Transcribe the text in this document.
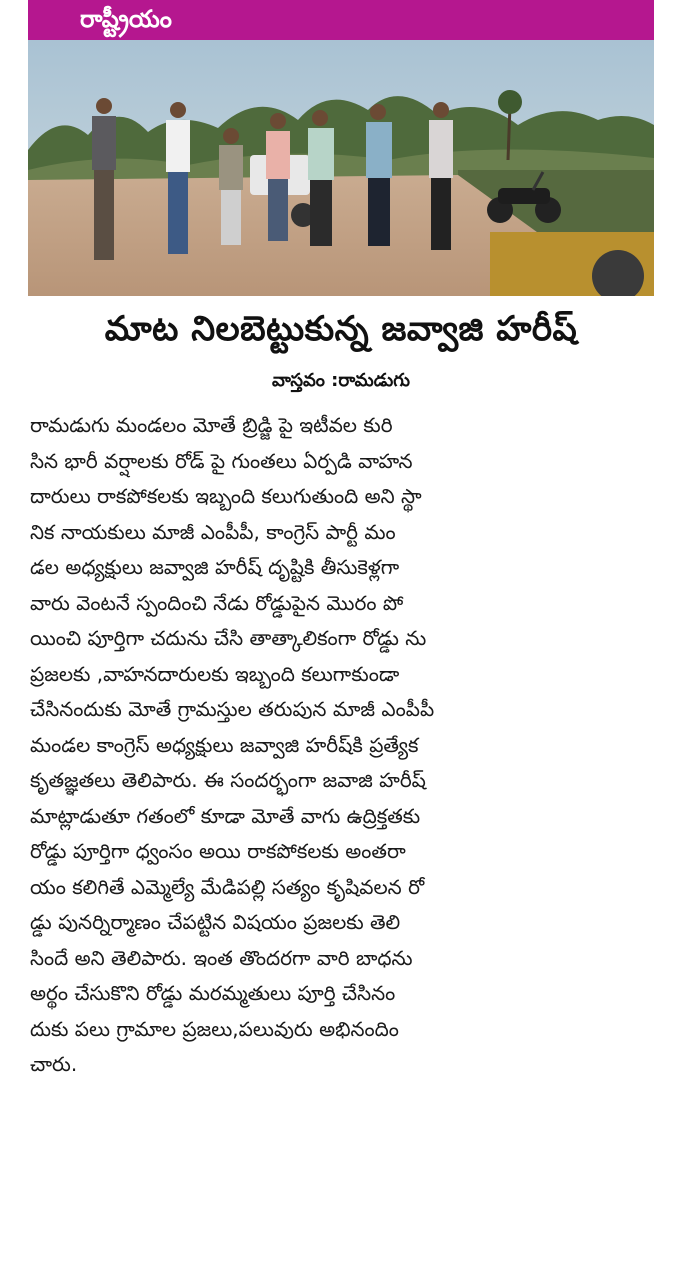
రాష్ట్రీయం
మాట నిలబెట్టుకున్న జవ్వాజి హరీష్
వాస్తవం :రామడుగు
రామడుగు మండలం మోతే బ్రిడ్జి పై ఇటీవల కురి
సిన భారీ వర్షాలకు రోడ్ పై గుంతలు ఏర్పడి వాహన
దారులు రాకపోకలకు ఇబ్బంది కలుగుతుంది అని స్థా
నిక నాయకులు మాజీ ఎంపీపీ, కాంగ్రెస్ పార్టీ మం
డల అధ్యక్షులు జవ్వాజి హరీష్ దృష్టికి తీసుకెళ్లగా
వారు వెంటనే స్పందించి నేడు రోడ్డుపైన మొరం పో
యించి పూర్తిగా చదును చేసి తాత్కాలికంగా రోడ్డు ను
ప్రజలకు ,వాహనదారులకు ఇబ్బంది కలుగాకుండా
చేసినందుకు మోతే గ్రామస్తుల తరుపున మాజీ ఎంపీపీ
మండల కాంగ్రెస్ అధ్యక్షులు జవ్వాజి హరీష్‌కి ప్రత్యేక
కృతజ్ఞతలు తెలిపారు. ఈ సందర్భంగా జవాజి హరీష్
మాట్లాడుతూ గతంలో కూడా మోతే వాగు ఉద్రిక్తతకు
రోడ్డు పూర్తిగా ధ్వంసం అయి రాకపోకలకు అంతరా
యం కలిగితే ఎమ్మెల్యే మేడిపల్లి సత్యం కృషివలన రో
డ్డు పునర్నిర్మాణం చేపట్టిన విషయం ప్రజలకు తెలి
సిందే అని తెలిపారు. ఇంత తొందరగా వారి బాధను
అర్థం చేసుకొని రోడ్డు మరమ్మతులు పూర్తి చేసినం
దుకు పలు గ్రామాల ప్రజలు,పలువురు అభినందిం
చారు.
